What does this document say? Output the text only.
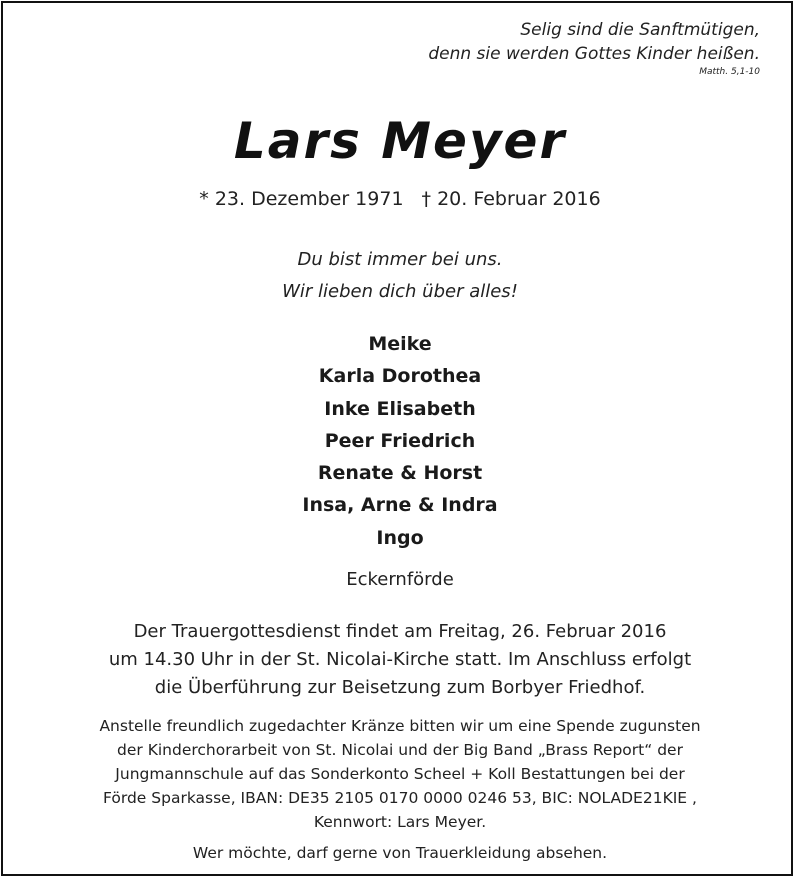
Selig sind die Sanftmütigen,
denn sie werden Gottes Kinder heißen.
Matth. 5,1-10
Lars Meyer
* 23. Dezember 1971 † 20. Februar 2016
Du bist immer bei uns.
Wir lieben dich über alles!
Meike
Karla Dorothea
Inke Elisabeth
Peer Friedrich
Renate & Horst
Insa, Arne & Indra
Ingo
Eckernförde
Der Trauergottesdienst findet am Freitag, 26. Februar 2016
um 14.30 Uhr in der St. Nicolai-Kirche statt. Im Anschluss erfolgt
die Überführung zur Beisetzung zum Borbyer Friedhof.
Anstelle freundlich zugedachter Kränze bitten wir um eine Spende zugunsten
der Kinderchorarbeit von St. Nicolai und der Big Band „Brass Report“ der
Jungmannschule auf das Sonderkonto Scheel + Koll Bestattungen bei der
Förde Sparkasse, IBAN: DE35 2105 0170 0000 0246 53, BIC: NOLADE21KIE ,
Kennwort: Lars Meyer.
Wer möchte, darf gerne von Trauerkleidung absehen.
